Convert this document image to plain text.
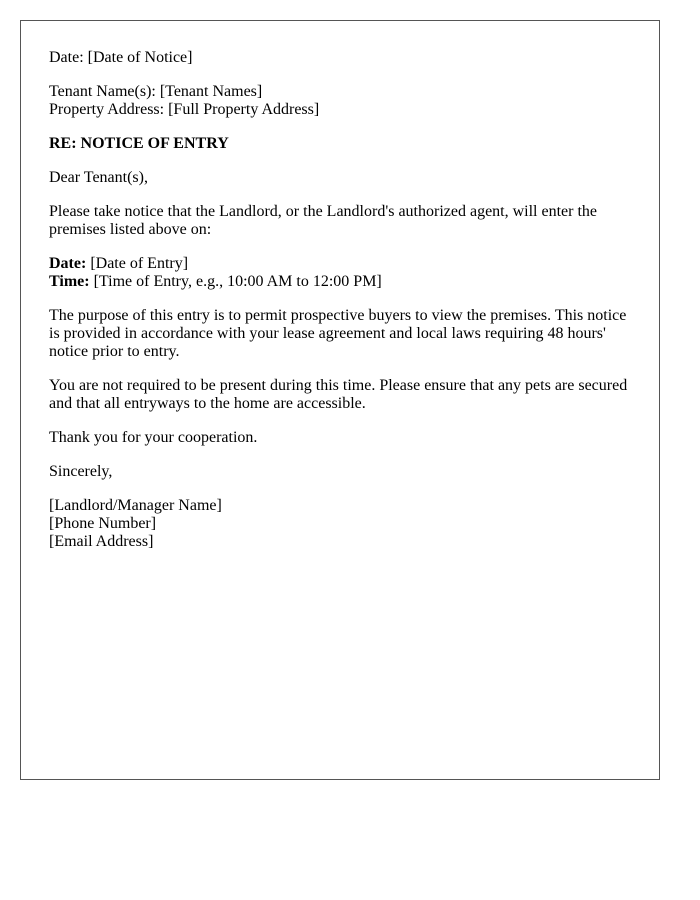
Date: [Date of Notice]

Tenant Name(s): [Tenant Names]
Property Address: [Full Property Address]

RE: NOTICE OF ENTRY

Dear Tenant(s),

Please take notice that the Landlord, or the Landlord's authorized agent, will enter the premises listed above on:

Date: [Date of Entry]
Time: [Time of Entry, e.g., 10:00 AM to 12:00 PM]

The purpose of this entry is to permit prospective buyers to view the premises. This notice is provided in accordance with your lease agreement and local laws requiring 48 hours' notice prior to entry.

You are not required to be present during this time. Please ensure that any pets are secured and that all entryways to the home are accessible.

Thank you for your cooperation.

Sincerely,

[Landlord/Manager Name]
[Phone Number]
[Email Address]
